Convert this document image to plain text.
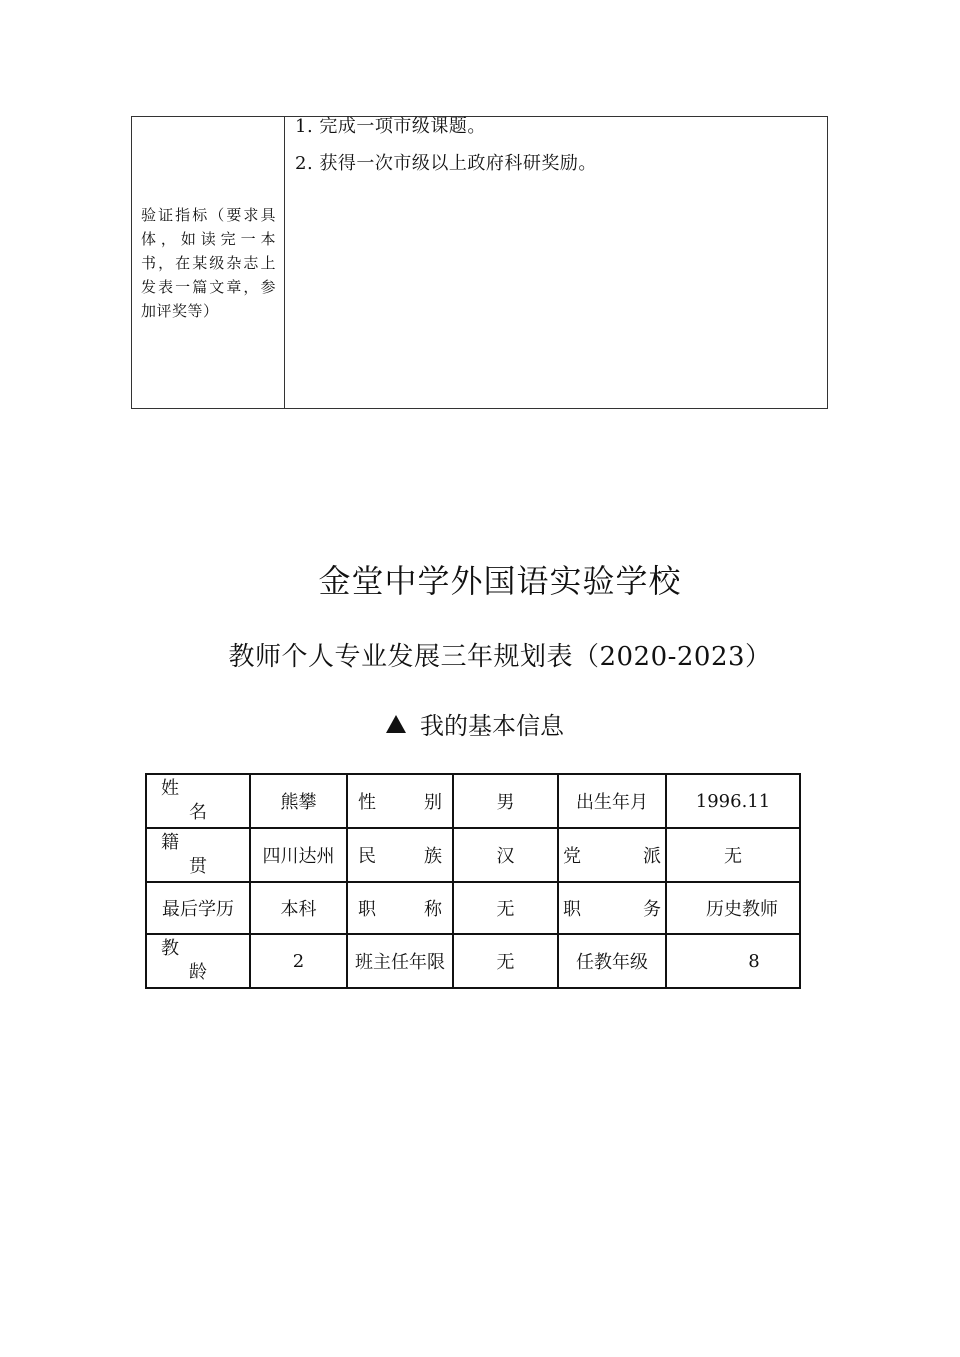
验证指标（要求具体，如读完一本书，在某级杂志上发表一篇文章，参加评奖等）
1. 完成一项市级课题。
2. 获得一次市级以上政府科研奖励。
金堂中学外国语实验学校
教师个人专业发展三年规划表（2020-2023）
我的基本信息
姓
名	熊攀	性 别	男	出生年月	1996.11

籍
贯	四川达州	民 族	汉	党 派	无
最后学历	本科	职 称	无	职 务	历史教师

教
龄	2	班主任年限	无	任教年级	8
